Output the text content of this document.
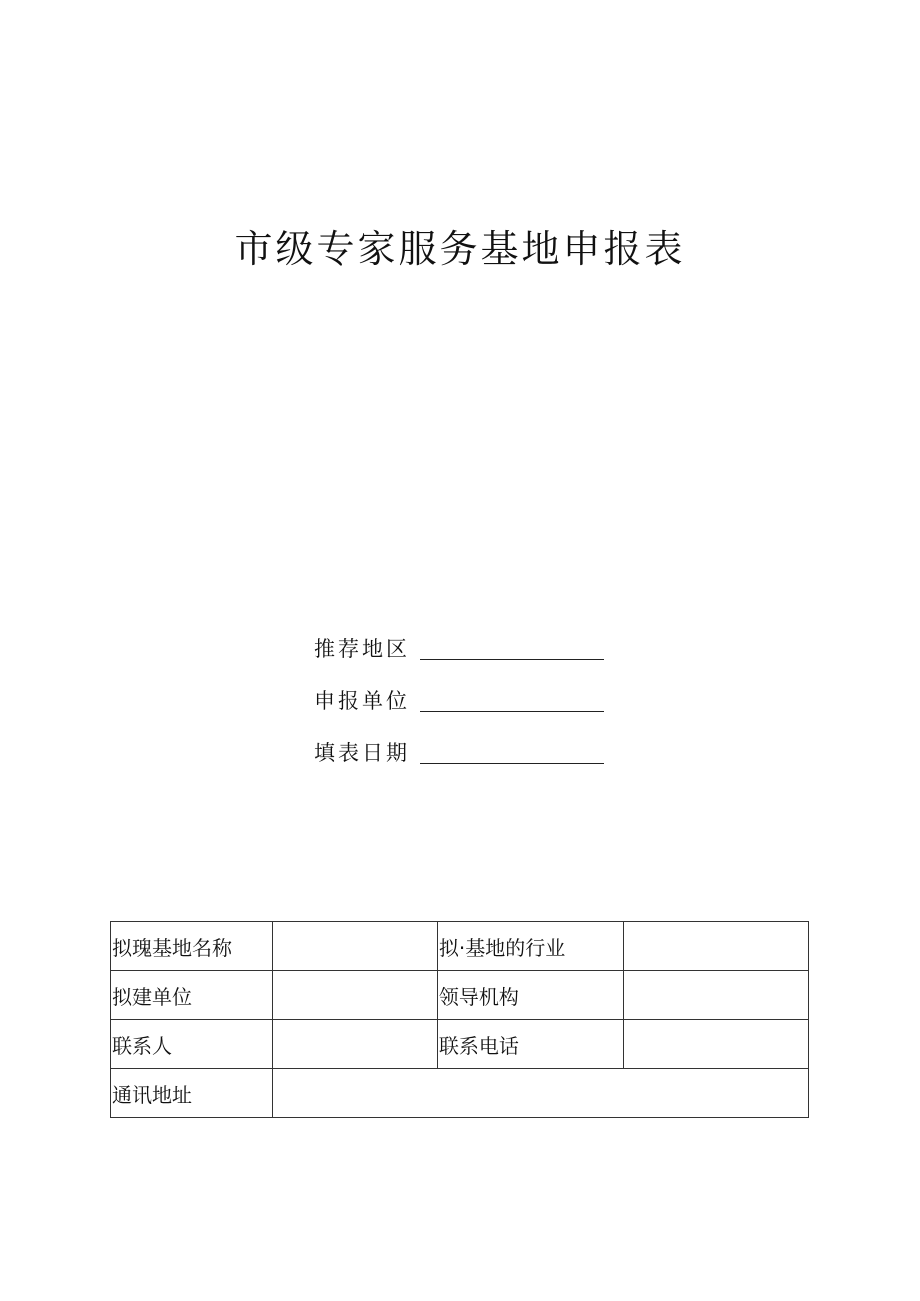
市级专家服务基地申报表
推荐地区
申报单位
填表日期
拟瑰基地名称		拟·基地的行业	
拟建单位		领导机构	
联系人		联系电话	
通讯地址			
